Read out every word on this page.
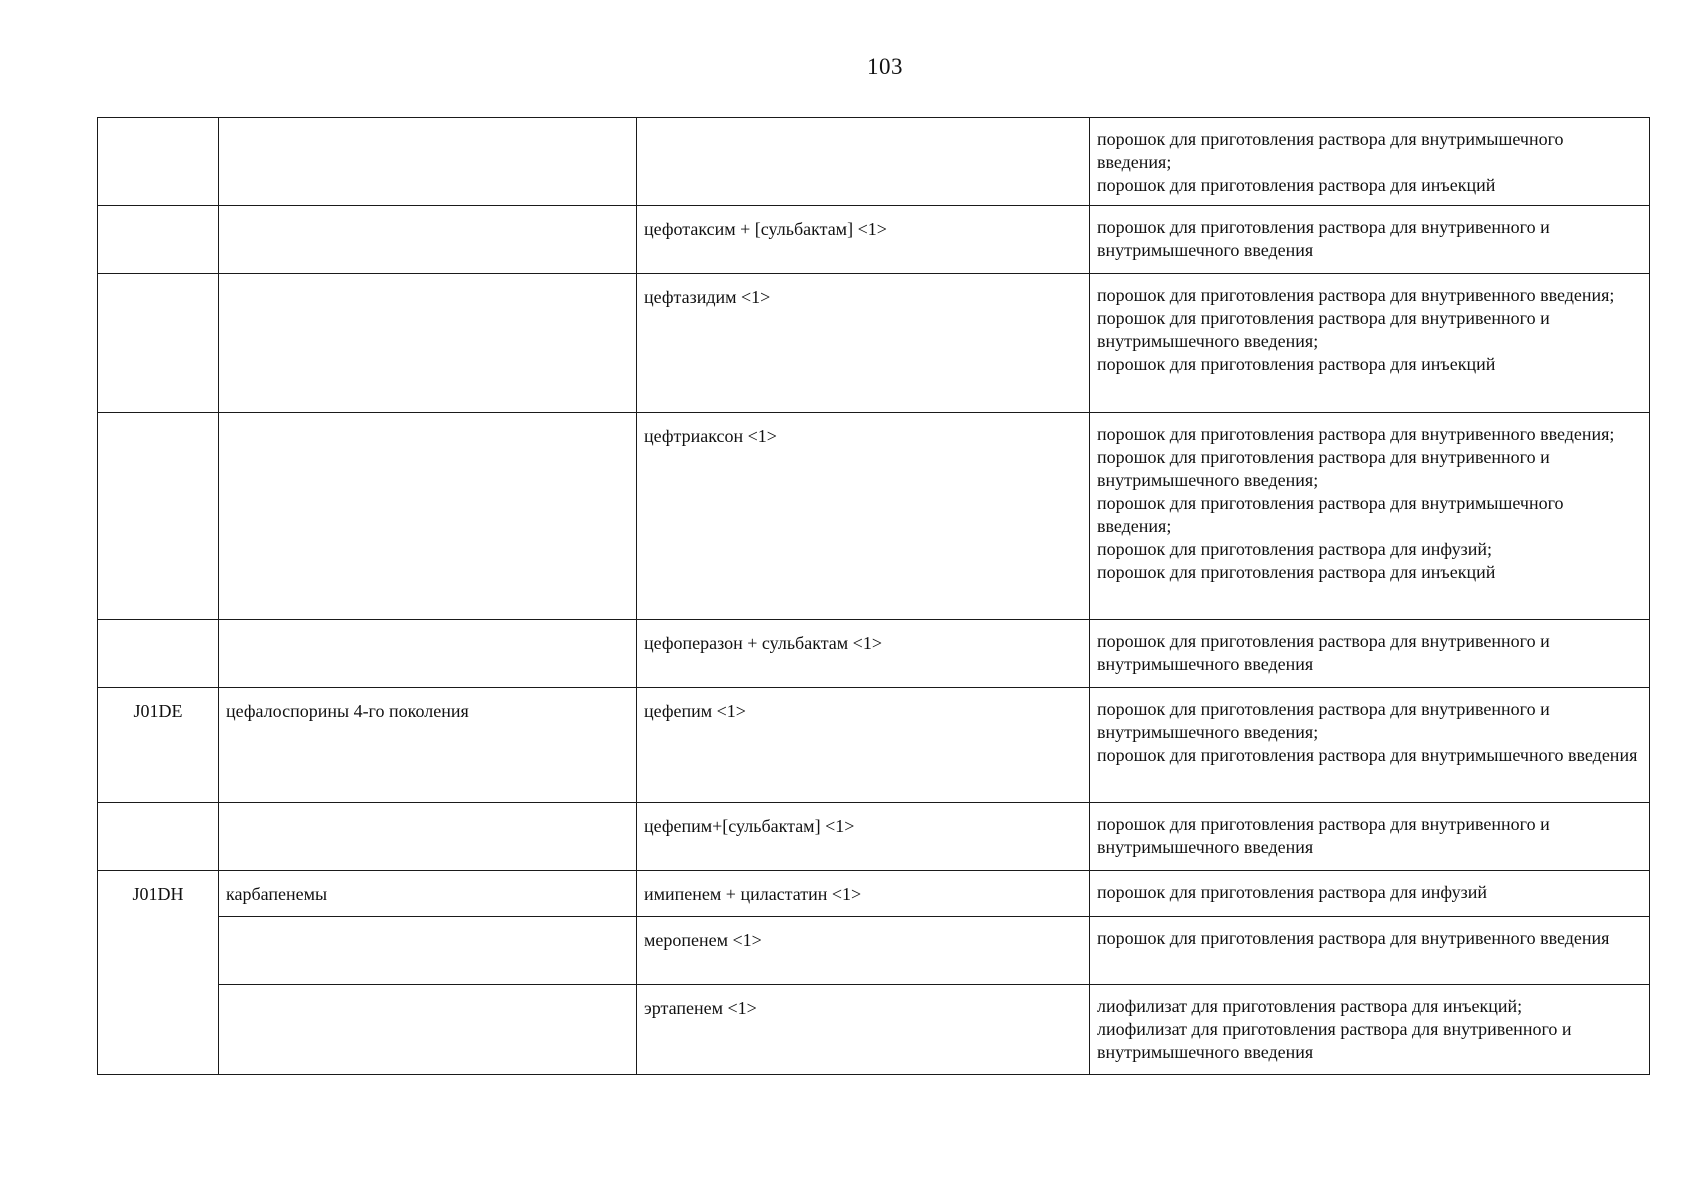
103

			порошок для приготовления раствора для внутримышечного введения;
порошок для приготовления раствора для инъекций

		цефотаксим + [сульбактам] <1>	порошок для приготовления раствора для внутривенного и внутримышечного введения

		цефтазидим <1>	порошок для приготовления раствора для внутривенного введения;
порошок для приготовления раствора для внутривенного и внутримышечного введения;
порошок для приготовления раствора для инъекций

		цефтриаксон <1>	порошок для приготовления раствора для внутривенного введения;
порошок для приготовления раствора для внутривенного и внутримышечного введения;
порошок для приготовления раствора для внутримышечного введения;
порошок для приготовления раствора для инфузий;
порошок для приготовления раствора для инъекций

		цефоперазон + сульбактам <1>	порошок для приготовления раствора для внутривенного и внутримышечного введения

J01DE	цефалоспорины 4-го поколения	цефепим <1>	порошок для приготовления раствора для внутривенного и внутримышечного введения;
порошок для приготовления раствора для внутримышечного введения

		цефепим+[сульбактам] <1>	порошок для приготовления раствора для внутривенного и внутримышечного введения

J01DH	карбапенемы	имипенем + циластатин <1>	порошок для приготовления раствора для инфузий

		меропенем <1>	порошок для приготовления раствора для внутривенного введения

		эртапенем <1>	лиофилизат для приготовления раствора для инъекций;
лиофилизат для приготовления раствора для внутривенного и внутримышечного введения
